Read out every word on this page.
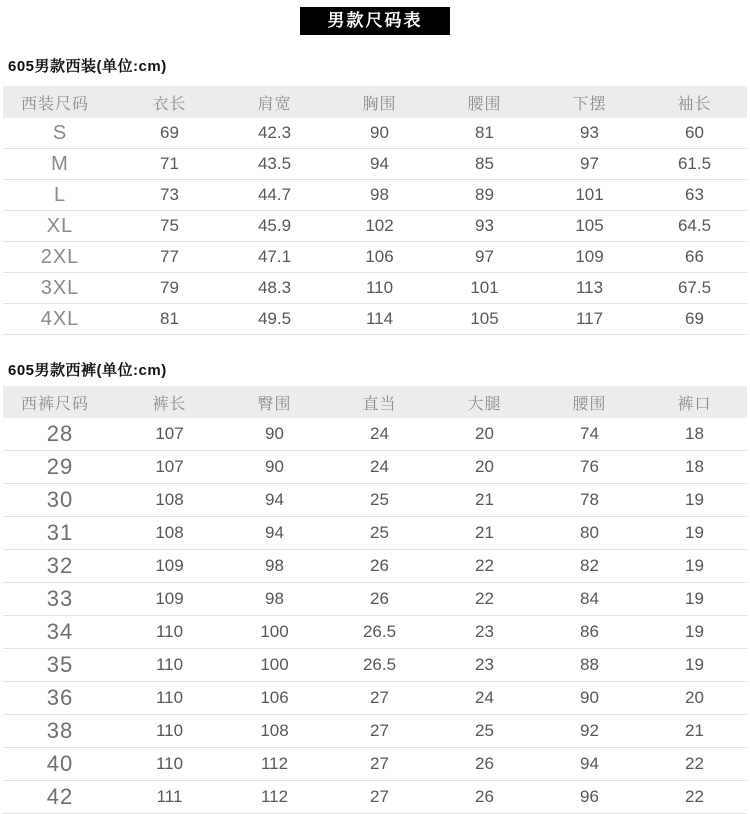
男款尺码表
605男款西装(单位:cm)
西装尺码	衣长	肩宽	胸围	腰围	下摆	袖长
S	69	42.3	90	81	93	60
M	71	43.5	94	85	97	61.5
L	73	44.7	98	89	101	63
XL	75	45.9	102	93	105	64.5
2XL	77	47.1	106	97	109	66
3XL	79	48.3	110	101	113	67.5
4XL	81	49.5	114	105	117	69
605男款西裤(单位:cm)
西裤尺码	裤长	臀围	直当	大腿	腰围	裤口
28	107	90	24	20	74	18
29	107	90	24	20	76	18
30	108	94	25	21	78	19
31	108	94	25	21	80	19
32	109	98	26	22	82	19
33	109	98	26	22	84	19
34	110	100	26.5	23	86	19
35	110	100	26.5	23	88	19
36	110	106	27	24	90	20
38	110	108	27	25	92	21
40	110	112	27	26	94	22
42	111	112	27	26	96	22
